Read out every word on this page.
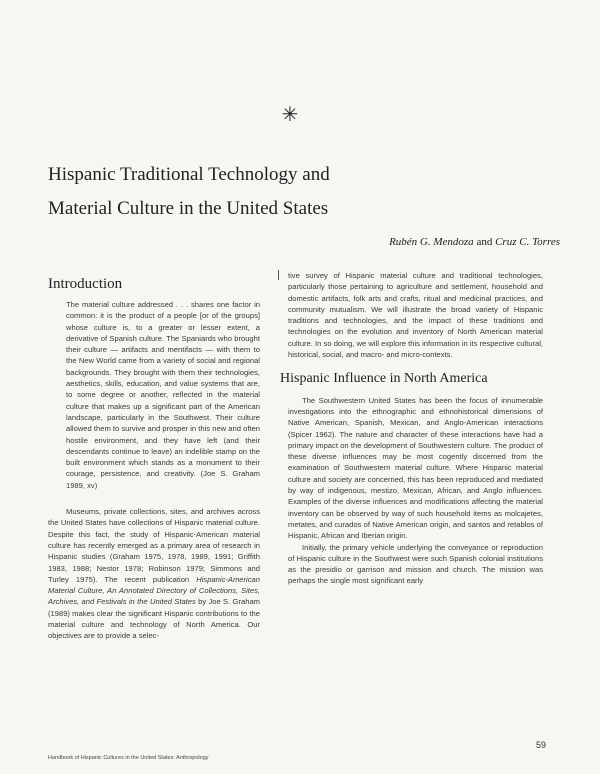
✳
Hispanic Traditional Technology and
Material Culture in the United States
Rubén G. Mendoza and Cruz C. Torres
Introduction

The material culture addressed . . . shares one factor in common: it is the product of a people [or of the groups] whose culture is, to a greater or lesser extent, a derivative of Spanish culture. The Spaniards who brought their culture — artifacts and mentifacts — with them to the New World came from a variety of social and regional backgrounds. They brought with them their technologies, aesthetics, skills, education, and value systems that are, to some degree or another, reflected in the material culture that makes up a significant part of the American landscape, particularly in the Southwest. Their culture allowed them to survive and prosper in this new and often hostile environment, and they have left (and their descendants continue to leave) an indelible stamp on the built environment which stands as a monument to their courage, persistence, and creativity. (Joe S. Graham 1989, xv)

Museums, private collections, sites, and archives across the United States have collections of Hispanic material culture. Despite this fact, the study of Hispanic-American material culture has recently emerged as a primary area of research in Hispanic studies (Graham 1975, 1978, 1989, 1991; Griffith 1983, 1988; Nestor 1978; Robinson 1979; Simmons and Turley 1975). The recent publication Hispanic-American Material Culture, An Annotated Directory of Collections, Sites, Archives, and Festivals in the United States by Joe S. Graham (1989) makes clear the significant Hispanic contributions to the material culture and technology of North America. Our objectives are to provide a selec-

tive survey of Hispanic material culture and traditional technologies, particularly those pertaining to agriculture and settlement, household and domestic artifacts, folk arts and crafts, ritual and medicinal practices, and community mutualism. We will illustrate the broad variety of Hispanic traditions and technologies, and the impact of these traditions and technologies on the evolution and inventory of North American material culture. In so doing, we will explore this information in its respective cultural, historical, social, and macro- and micro-contexts.

Hispanic Influence in North America

The Southwestern United States has been the focus of innumerable investigations into the ethnographic and ethnohistorical dimensions of Native American, Spanish, Mexican, and Anglo-American interactions (Spicer 1962). The nature and character of these interactions have had a primary impact on the development of Southwestern culture. The product of these diverse influences may be most cogently discerned from the examination of Southwestern material culture. Where Hispanic material culture and society are concerned, this has been reproduced and mediated by way of indigenous, mestizo, Mexican, African, and Anglo influences. Examples of the diverse influences and modifications affecting the material inventory can be observed by way of such household items as molcajetes, metates, and curados of Native American origin, and santos and retablos of Hispanic, African and Iberian origin.

Initially, the primary vehicle underlying the conveyance or reproduction of Hispanic culture in the Southwest were such Spanish colonial institutions as the presidio or garrison and mission and church. The mission was perhaps the single most significant early

59
Handbook of Hispanic Cultures in the United States: Anthropology
